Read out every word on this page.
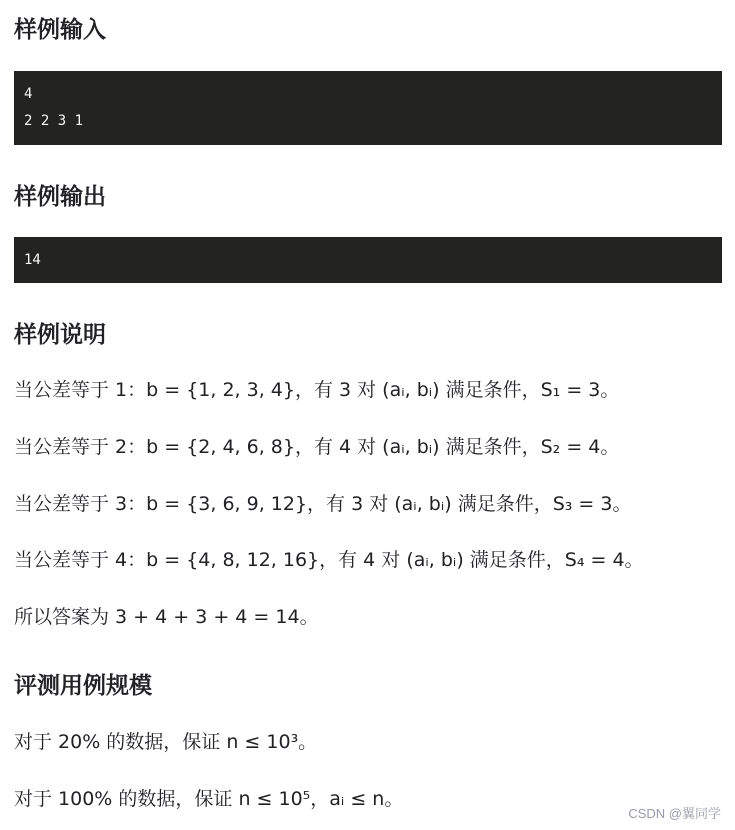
样例输入
4
2 2 3 1
样例输出
14
样例说明

当公差等于 1：b = {1, 2, 3, 4}，有 3 对 (aᵢ, bᵢ) 满足条件，S₁ = 3。

当公差等于 2：b = {2, 4, 6, 8}，有 4 对 (aᵢ, bᵢ) 满足条件，S₂ = 4。

当公差等于 3：b = {3, 6, 9, 12}，有 3 对 (aᵢ, bᵢ) 满足条件，S₃ = 3。

当公差等于 4：b = {4, 8, 12, 16}，有 4 对 (aᵢ, bᵢ) 满足条件，S₄ = 4。

所以答案为 3 + 4 + 3 + 4 = 14。

评测用例规模

对于 20% 的数据，保证 n ≤ 10³。

对于 100% 的数据，保证 n ≤ 10⁵，aᵢ ≤ n。

CSDN @翼同学
